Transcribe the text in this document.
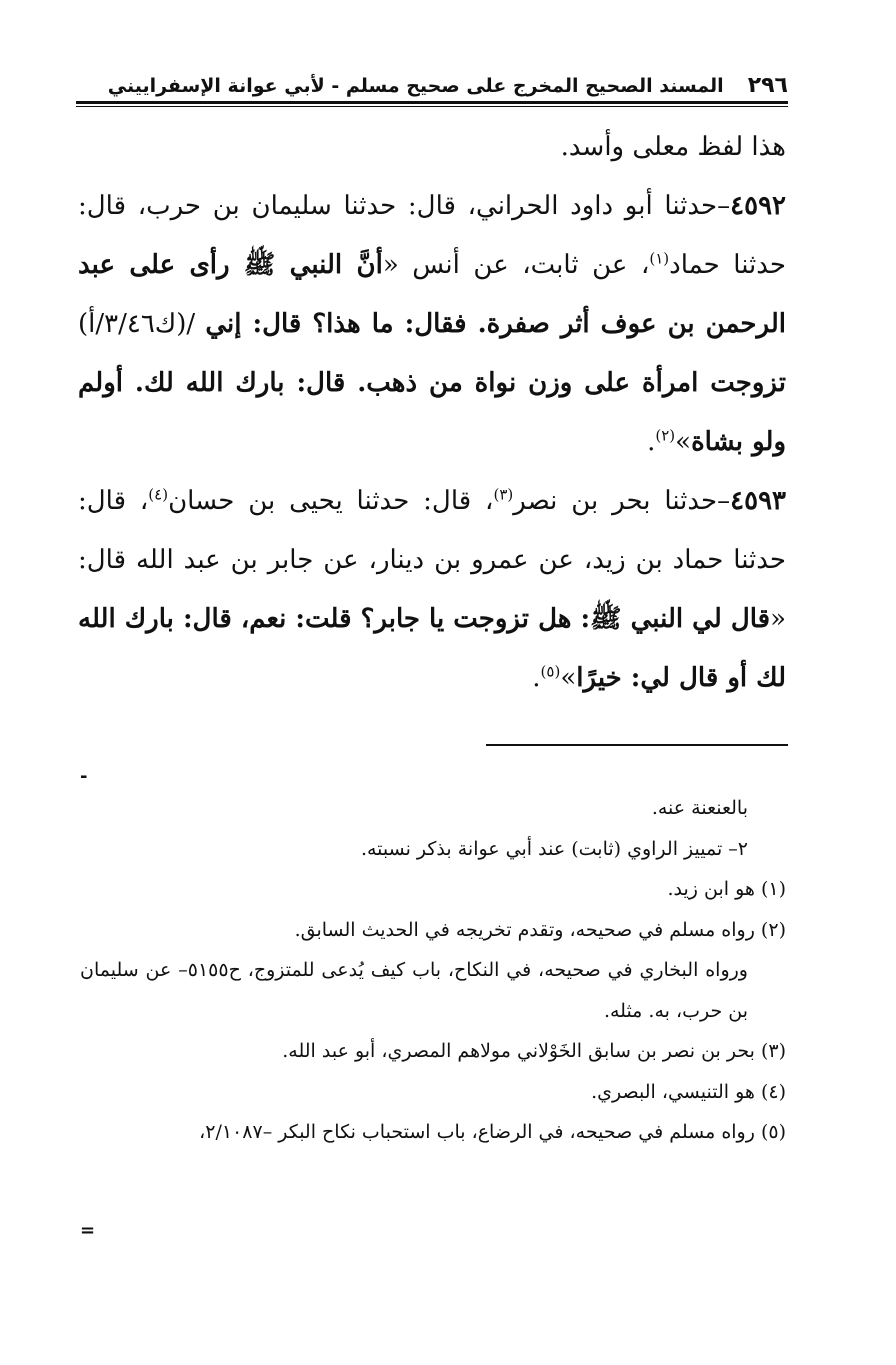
٢٩٦
المسند الصحيح المخرج على صحيح مسلم - لأبي عوانة الإسفراييني

هذا لفظ معلى وأسد.

٤٥٩٢–حدثنا أبو داود الحراني، قال: حدثنا سليمان بن حرب، قال: حدثنا حماد$^{(١)}$، عن ثابت، عن أنس «أنَّ النبي ﷺ رأى على عبد الرحمن بن عوف أثر صفرة. فقال: ما هذا؟ قال: إني /(ك٣/٤٦/أ) تزوجت امرأة على وزن نواة من ذهب. قال: بارك الله لك. أولم ولو بشاة»$^{(٢)}$.

٤٥٩٣–حدثنا بحر بن نصر$^{(٣)}$، قال: حدثنا يحيى بن حسان$^{(٤)}$، قال: حدثنا حماد بن زيد، عن عمرو بن دينار، عن جابر بن عبد الله قال: «قال لي النبي ﷺ: هل تزوجت يا جابر؟ قلت: نعم، قال: بارك الله لك أو قال لي: خيرًا»$^{(٥)}$.

-

بالعنعنة عنه.

٢– تمييز الراوي (ثابت) عند أبي عوانة بذكر نسبته.

(١) هو ابن زيد.

(٢) رواه مسلم في صحيحه، وتقدم تخريجه في الحديث السابق.

ورواه البخاري في صحيحه، في النكاح، باب كيف يُدعى للمتزوج، ح٥١٥٥– عن سليمان بن حرب، به. مثله.

(٣) بحر بن نصر بن سابق الخَوْلاني مولاهم المصري، أبو عبد الله.

(٤) هو التنيسي، البصري.

(٥) رواه مسلم في صحيحه، في الرضاع، باب استحباب نكاح البكر –٢/١٠٨٧،

=
